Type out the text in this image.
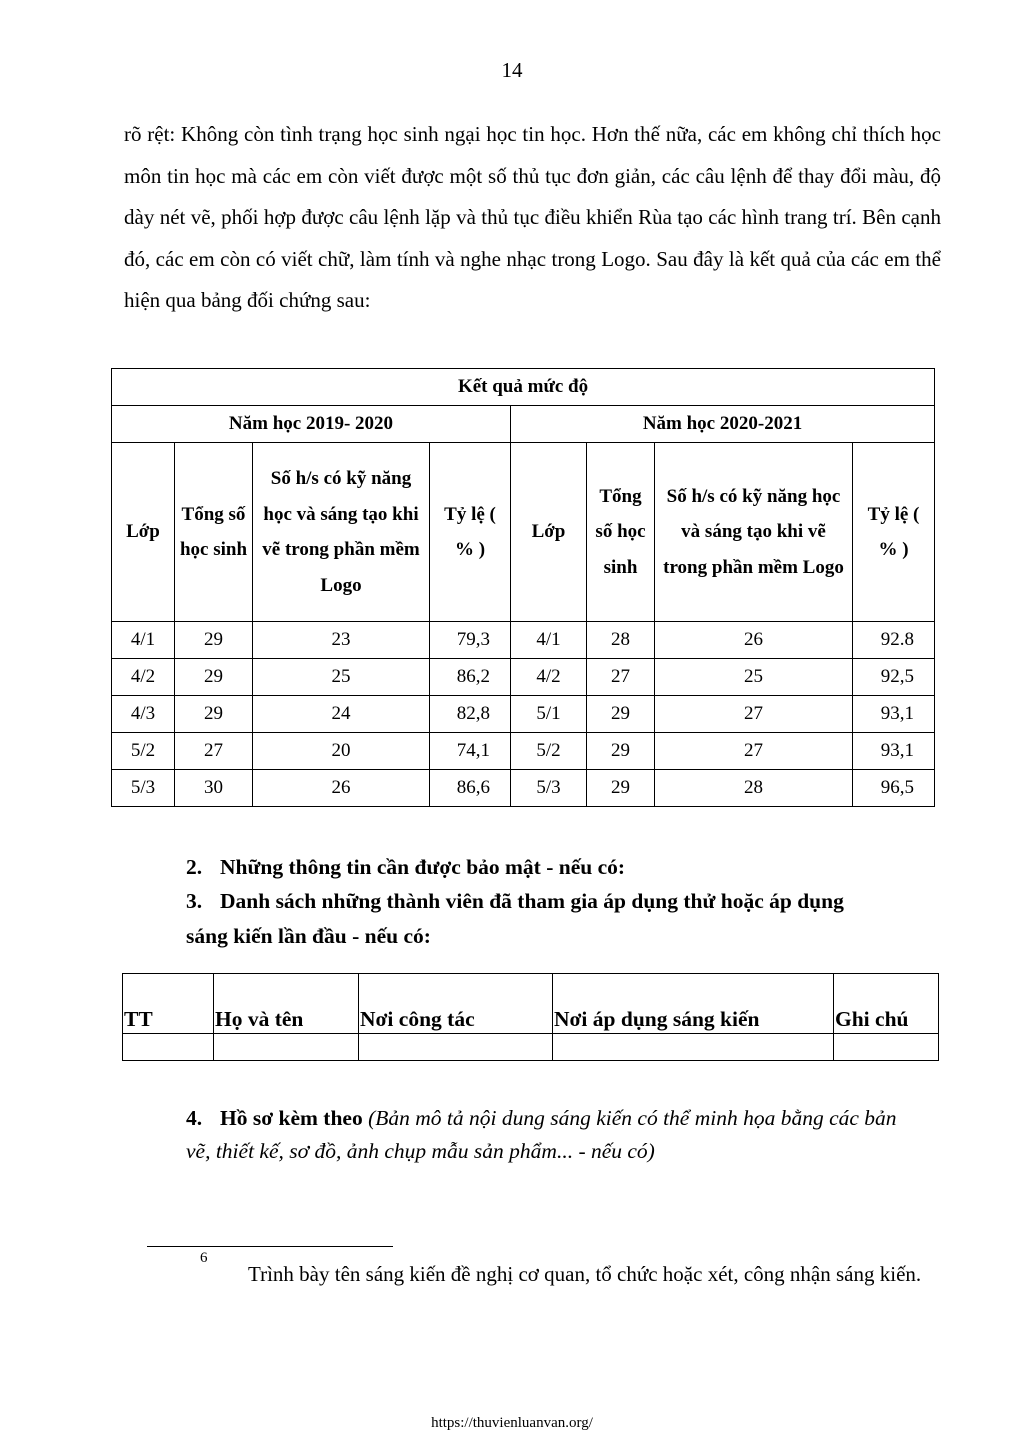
14

rõ rệt: Không còn tình trạng học sinh ngại học tin học. Hơn thế nữa, các em không chỉ thích học môn tin học mà các em còn viết được một số thủ tục đơn giản, các câu lệnh để thay đổi màu, độ dày nét vẽ, phối hợp được câu lệnh lặp và thủ tục điều khiển Rùa tạo các hình trang trí. Bên cạnh đó, các em còn có viết chữ, làm tính và nghe nhạc trong Logo. Sau đây là kết quả của các em thể hiện qua bảng đối chứng sau:

Kết quả mức độ							
Năm học 2019- 2020				Năm học 2020-2021			
Lớp	Tổng số học sinh	Số h/s có kỹ năng học và sáng tạo khi vẽ trong phần mềm Logo	Tỷ lệ ( % )	Lớp	Tổng số học sinh	Số h/s có kỹ năng học và sáng tạo khi vẽ trong phần mềm Logo	Tỷ lệ ( % )
4/1	29	23	79,3	4/1	28	26	92.8
4/2	29	25	86,2	4/2	27	25	92,5
4/3	29	24	82,8	5/1	29	27	93,1
5/2	27	20	74,1	5/2	29	27	93,1
5/3	30	26	86,6	5/3	29	28	96,5
2. Những thông tin cần được bảo mật - nếu có:
3. Danh sách những thành viên đã tham gia áp dụng thử hoặc áp dụng
sáng kiến lần đầu - nếu có:
TT	Họ và tên	Nơi công tác	Nơi áp dụng sáng kiến	Ghi chú

4. Hồ sơ kèm theo (Bản mô tả nội dung sáng kiến có thể minh họa bằng các bản vẽ, thiết kế, sơ đồ, ảnh chụp mẫu sản phẩm... - nếu có)

6

Trình bày tên sáng kiến đề nghị cơ quan, tổ chức hoặc xét, công nhận sáng kiến.

https://thuvienluanvan.org/
